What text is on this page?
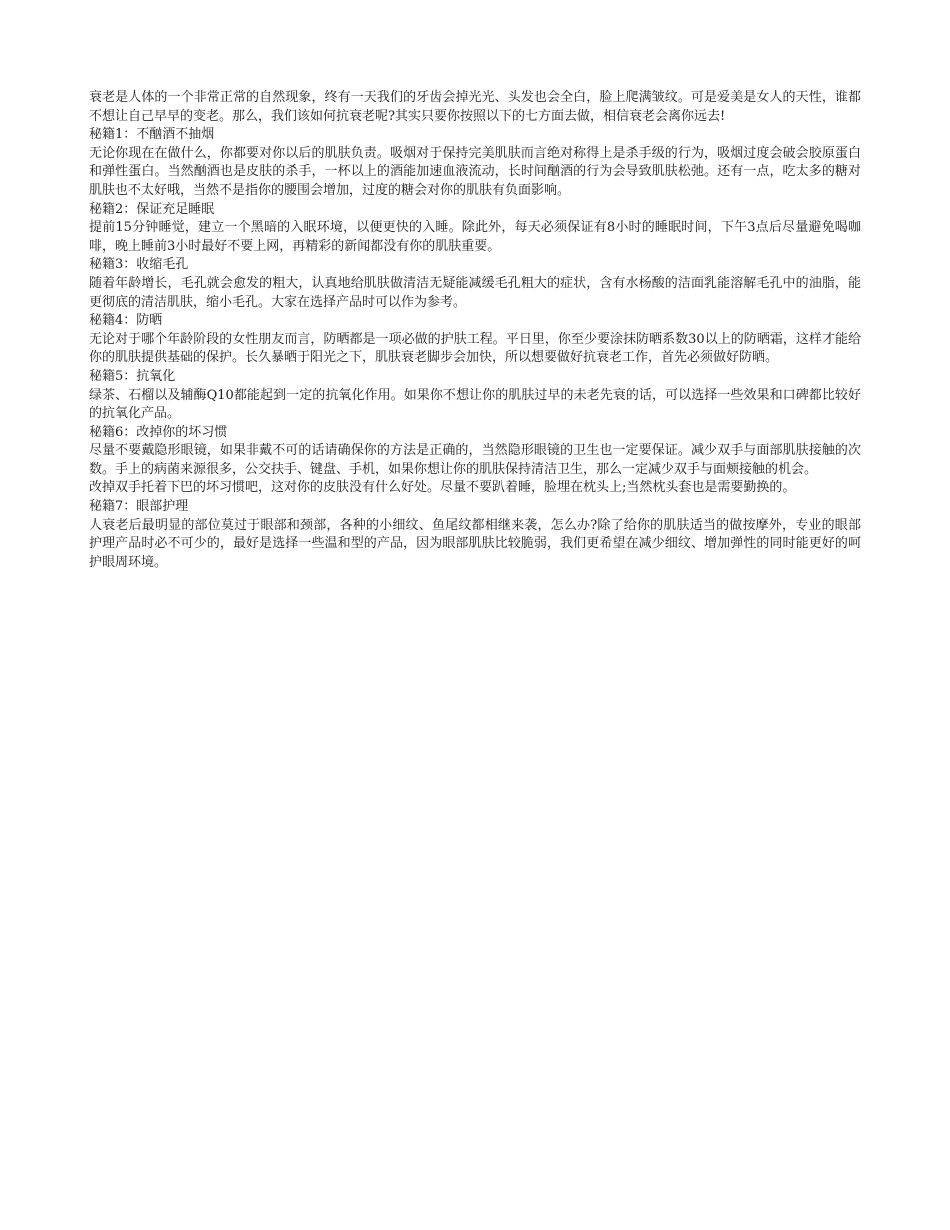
衰老是人体的一个非常正常的自然现象，终有一天我们的牙齿会掉光光、头发也会全白，脸上爬满皱纹。可是爱美是女人的天性，谁都不想让自己早早的变老。那么，我们该如何抗衰老呢?其实只要你按照以下的七方面去做，相信衰老会离你远去!

秘籍1：不酗酒不抽烟

无论你现在在做什么，你都要对你以后的肌肤负责。吸烟对于保持完美肌肤而言绝对称得上是杀手级的行为，吸烟过度会破会胶原蛋白和弹性蛋白。当然酗酒也是皮肤的杀手，一杯以上的酒能加速血液流动，长时间酗酒的行为会导致肌肤松弛。还有一点，吃太多的糖对肌肤也不太好哦，当然不是指你的腰围会增加，过度的糖会对你的肌肤有负面影响。

秘籍2：保证充足睡眠

提前15分钟睡觉，建立一个黑暗的入眠环境，以便更快的入睡。除此外，每天必须保证有8小时的睡眠时间，下午3点后尽量避免喝咖啡，晚上睡前3小时最好不要上网，再精彩的新闻都没有你的肌肤重要。

秘籍3：收缩毛孔

随着年龄增长，毛孔就会愈发的粗大，认真地给肌肤做清洁无疑能减缓毛孔粗大的症状，含有水杨酸的洁面乳能溶解毛孔中的油脂，能更彻底的清洁肌肤，缩小毛孔。大家在选择产品时可以作为参考。

秘籍4：防晒

无论对于哪个年龄阶段的女性朋友而言，防晒都是一项必做的护肤工程。平日里，你至少要涂抹防晒系数30以上的防晒霜，这样才能给你的肌肤提供基础的保护。长久暴晒于阳光之下，肌肤衰老脚步会加快，所以想要做好抗衰老工作，首先必须做好防晒。

秘籍5：抗氧化

绿茶、石榴以及辅酶Q10都能起到一定的抗氧化作用。如果你不想让你的肌肤过早的未老先衰的话，可以选择一些效果和口碑都比较好的抗氧化产品。

秘籍6：改掉你的坏习惯

尽量不要戴隐形眼镜，如果非戴不可的话请确保你的方法是正确的，当然隐形眼镜的卫生也一定要保证。减少双手与面部肌肤接触的次数。手上的病菌来源很多，公交扶手、键盘、手机，如果你想让你的肌肤保持清洁卫生，那么一定减少双手与面颊接触的机会。

改掉双手托着下巴的坏习惯吧，这对你的皮肤没有什么好处。尽量不要趴着睡，脸埋在枕头上;当然枕头套也是需要勤换的。

秘籍7：眼部护理

人衰老后最明显的部位莫过于眼部和颈部，各种的小细纹、鱼尾纹都相继来袭，怎么办?除了给你的肌肤适当的做按摩外，专业的眼部护理产品时必不可少的，最好是选择一些温和型的产品，因为眼部肌肤比较脆弱，我们更希望在减少细纹、增加弹性的同时能更好的呵护眼周环境。
